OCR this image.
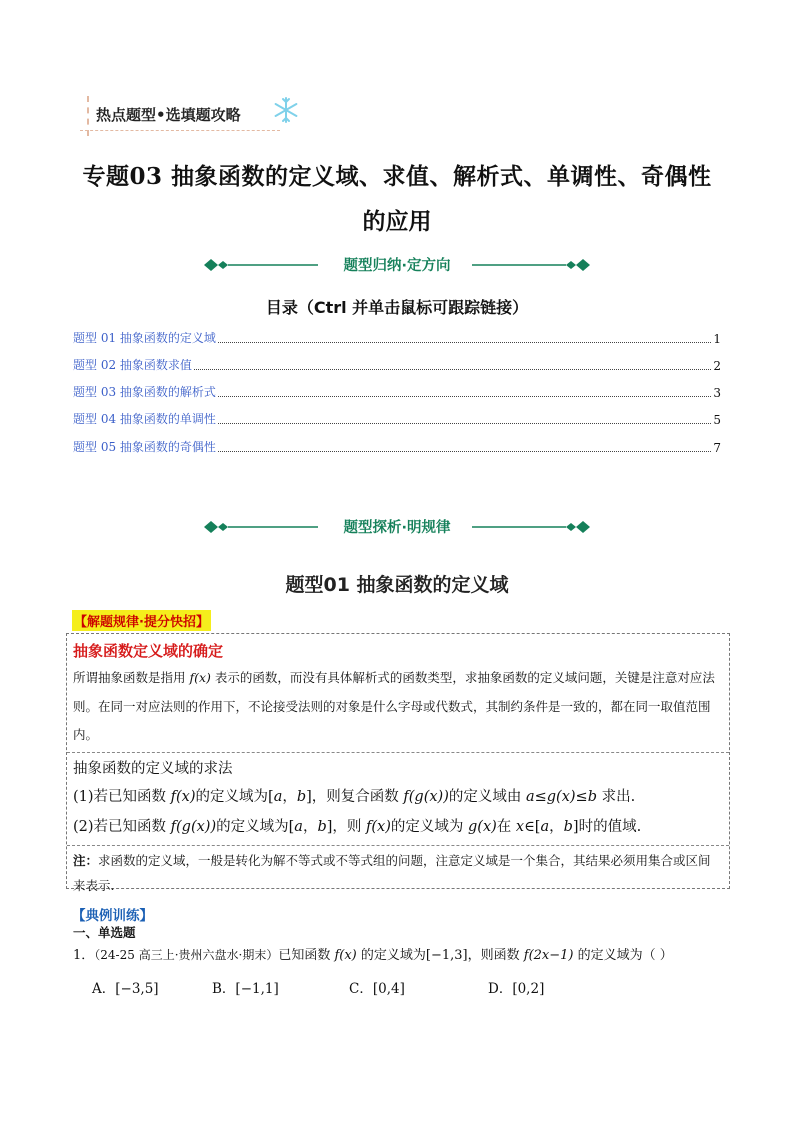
热点题型•选填题攻略
专题03 抽象函数的定义域、求值、解析式、单调性、奇偶性
的应用
题型归纳·定方向
目录（Ctrl 并单击鼠标可跟踪链接）
题型 01 抽象函数的定义域	1
题型 02 抽象函数求值	2
题型 03 抽象函数的解析式	3
题型 04 抽象函数的单调性	5
题型 05 抽象函数的奇偶性	7
题型探析·明规律
题型01 抽象函数的定义域
【解题规律·提分快招】
抽象函数定义域的确定
所谓抽象函数是指用 f(x) 表示的函数，而没有具体解析式的函数类型，求抽象函数的定义域问题，关键是注意对应法则。在同一对应法则的作用下，不论接受法则的对象是什么字母或代数式，其制约条件是一致的，都在同一取值范围内。
抽象函数的定义域的求法
(1)若已知函数 f(x)的定义域为[a，b]，则复合函数 f(g(x))的定义域由 a≤g(x)≤b 求出.
(2)若已知函数 f(g(x))的定义域为[a，b]，则 f(x)的定义域为 g(x)在 x∈[a，b]时的值域.
注：求函数的定义域，一般是转化为解不等式或不等式组的问题，注意定义域是一个集合，其结果必须用集合或区间来表示.
【典例训练】
一、单选题
1．（24-25 高三上·贵州六盘水·期末）已知函数 f(x) 的定义域为[−1,3]，则函数 f(2x−1) 的定义域为（ ）
A．[−3,5]	B．[−1,1]	C．[0,4]	D．[0,2]
